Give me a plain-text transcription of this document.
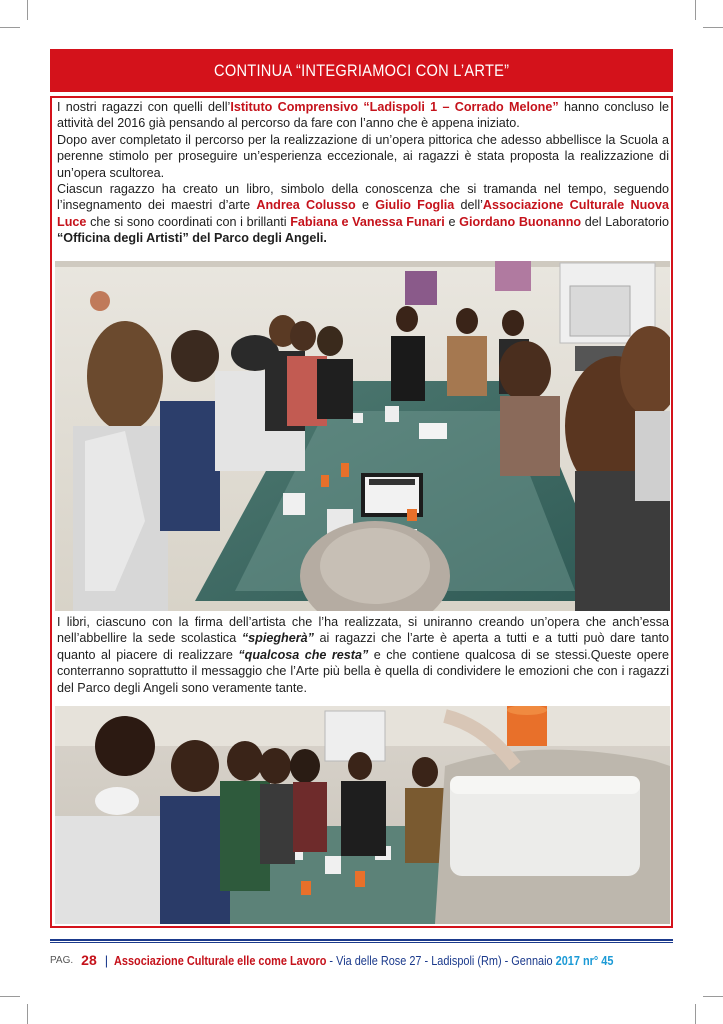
CONTINUA “INTEGRIAMOCI CON L’ARTE”

I nostri ragazzi con quelli dell’Istituto Comprensivo “Ladispoli 1 – Corrado Melone” hanno concluso le attività del 2016 già pensando al percorso da fare con l’anno che è appena iniziato.

Dopo aver completato il percorso per la realizzazione di un’opera pittorica che adesso abbellisce la Scuola a perenne stimolo per proseguire un’esperienza eccezionale, ai ragazzi è stata proposta la realizzazione di un’opera scultorea.

Ciascun ragazzo ha creato un libro, simbolo della conoscenza che si tramanda nel tempo, seguendo l’insegnamento dei maestri d’arte Andrea Colusso e Giulio Foglia dell’Associazione Culturale Nuova Luce che si sono coordinati con i brillanti Fabiana e Vanessa Funari e Giordano Buonanno del Laboratorio “Officina degli Artisti” del Parco degli Angeli.

I libri, ciascuno con la firma dell’artista che l’ha realizzata, si uniranno creando un’opera che anch’essa nell’abbellire la sede scolastica “spiegherà” ai ragazzi che l’arte è aperta a tutti e a tutti può dare tanto quanto al piacere di realizzare “qualcosa che resta” e che contiene qualcosa di se stessi.Queste opere conterranno soprattutto il messaggio che l’Arte più bella è quella di condividere le emozioni che con i ragazzi del Parco degli Angeli sono veramente tante.

PAG. 28 | Associazione Culturale elle come Lavoro - Via delle Rose 27 - Ladispoli (Rm) - Gennaio 2017 nr° 45
